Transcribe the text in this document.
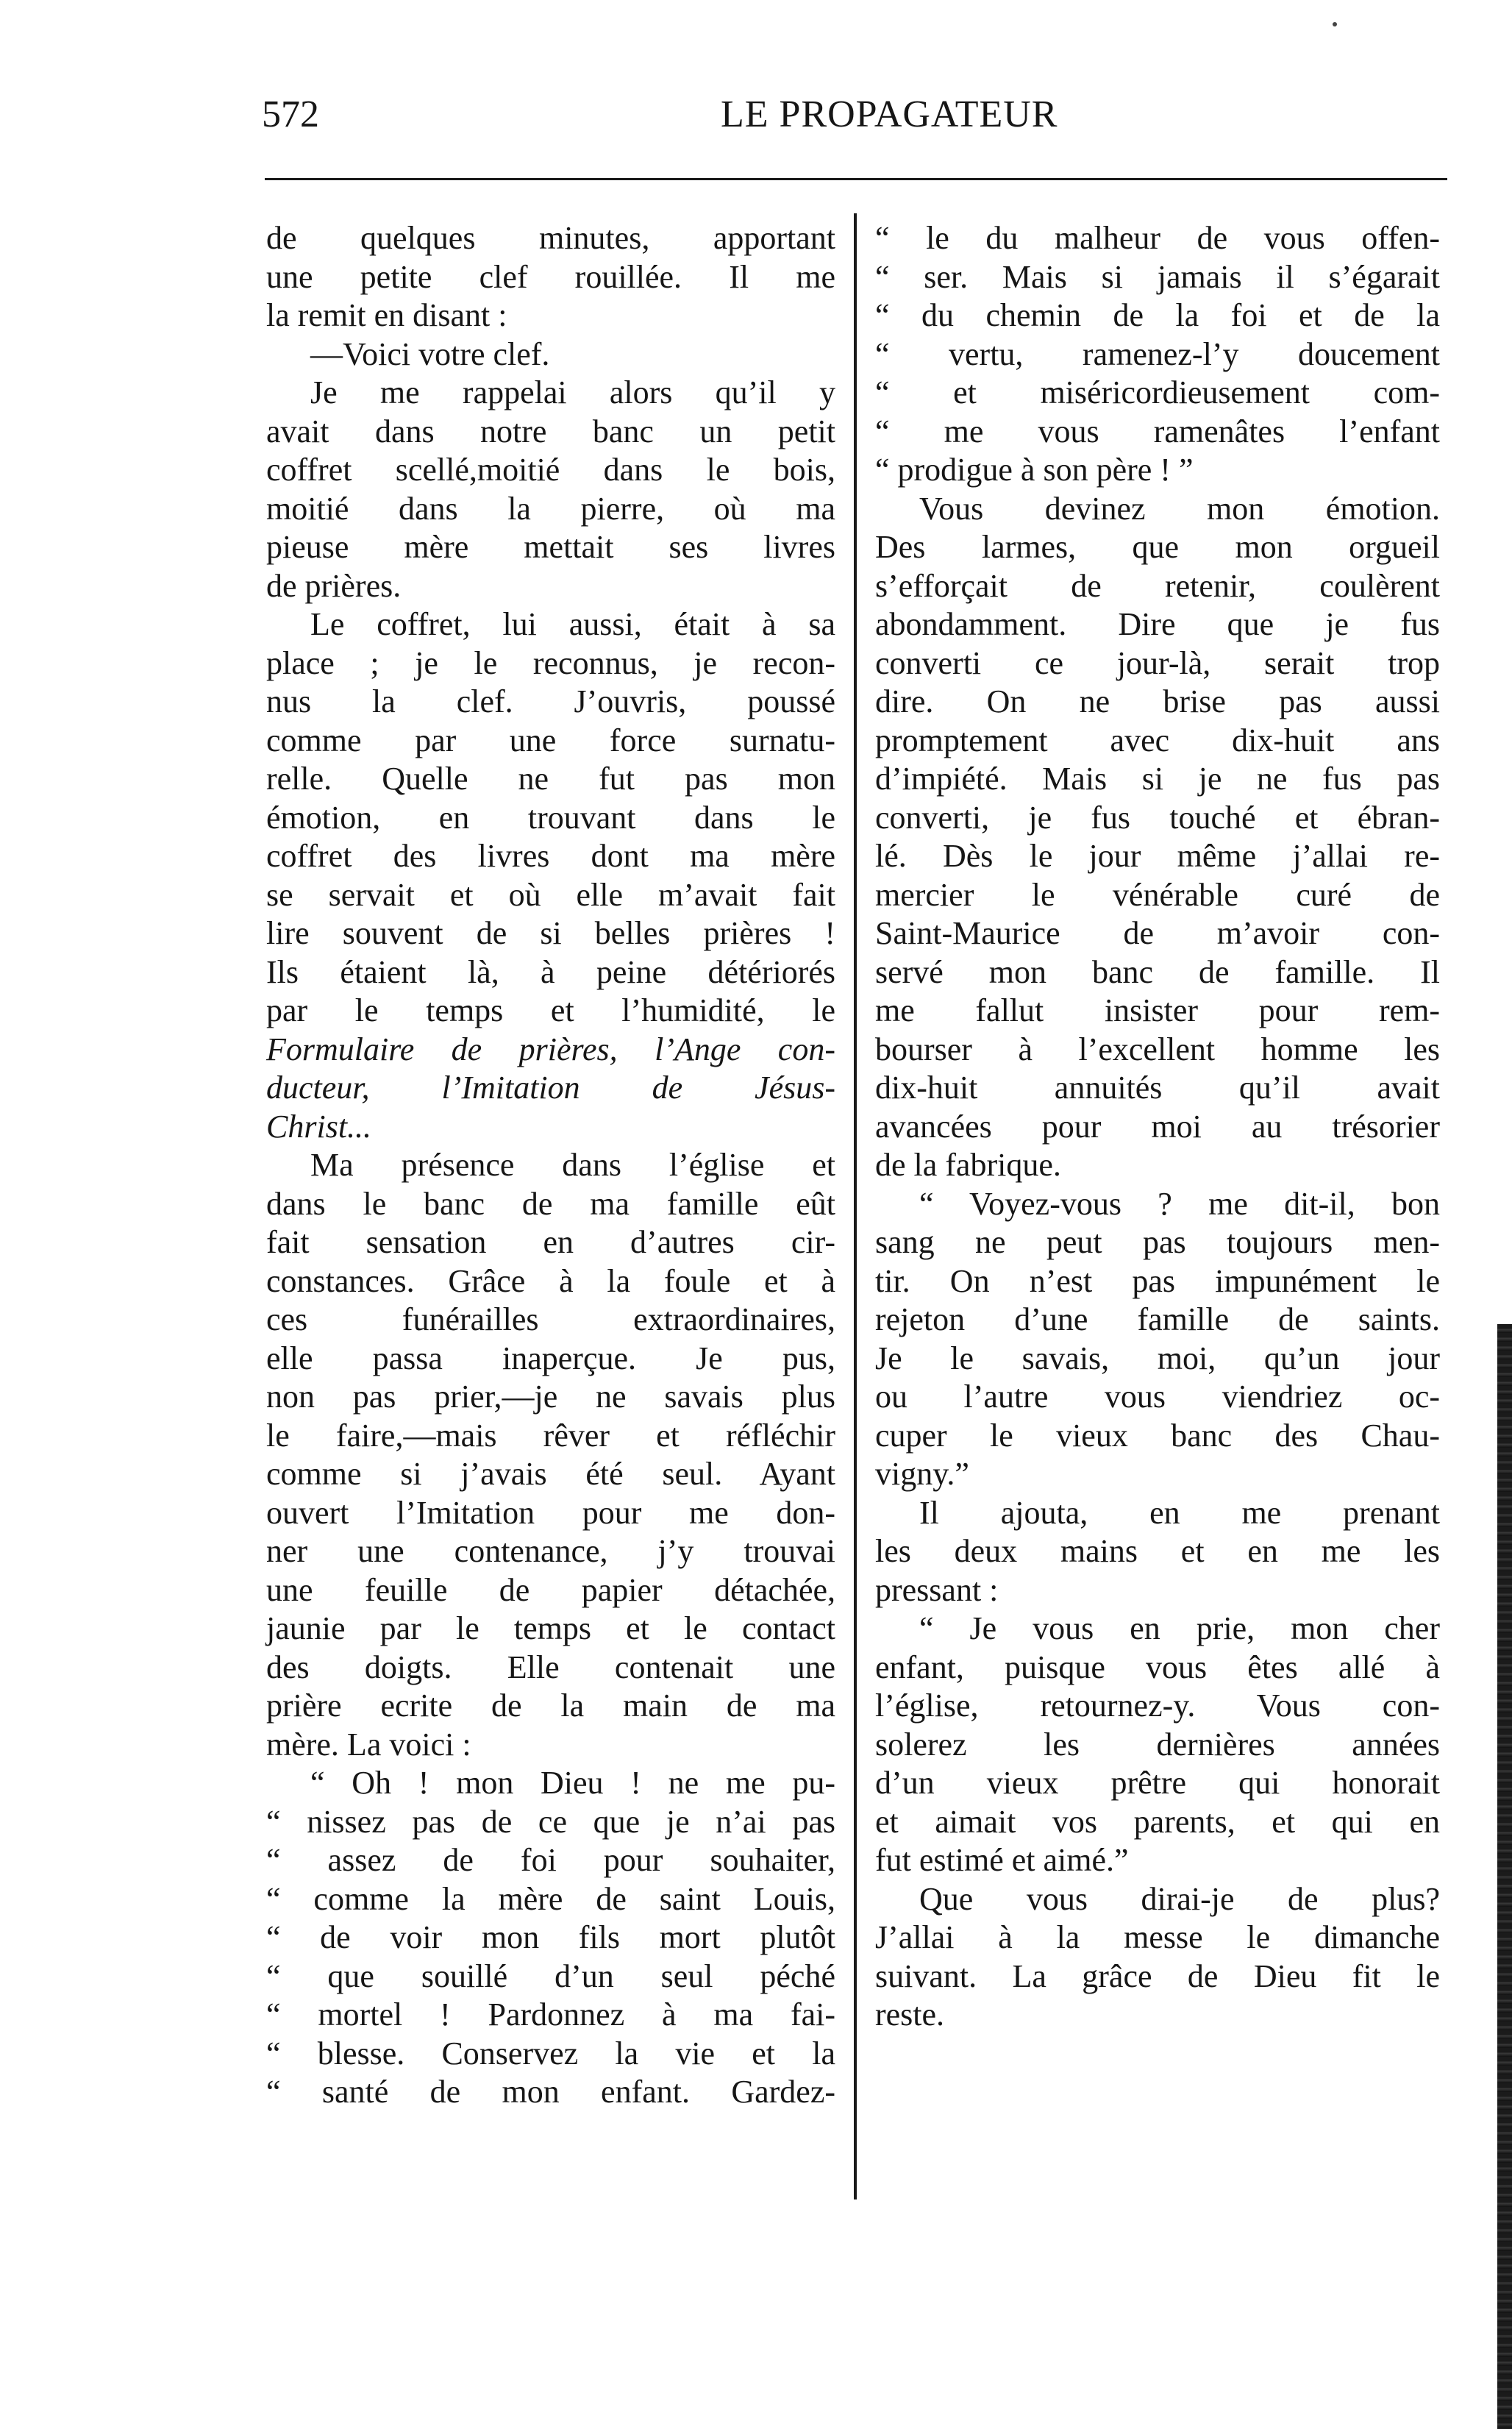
572	LE PROPAGATEUR
de quelques minutes, apportant
une petite clef rouillée. Il me
la remit en disant :
—Voici votre clef.
Je me rappelai alors qu’il y
avait dans notre banc un petit
coffret scellé,moitié dans le bois,
moitié dans la pierre, où ma
pieuse mère mettait ses livres
de prières.
Le coffret, lui aussi, était à sa
place ; je le reconnus, je recon-
nus la clef. J’ouvris, poussé
comme par une force surnatu-
relle. Quelle ne fut pas mon
émotion, en trouvant dans le
coffret des livres dont ma mère
se servait et où elle m’avait fait
lire souvent de si belles prières !
Ils étaient là, à peine détériorés
par le temps et l’humidité, le
Formulaire de prières, l’Ange con-
ducteur, l’Imitation de Jésus-
Christ...
Ma présence dans l’église et
dans le banc de ma famille eût
fait sensation en d’autres cir-
constances. Grâce à la foule et à
ces funérailles extraordinaires,
elle passa inaperçue. Je pus,
non pas prier,—je ne savais plus
le faire,—mais rêver et réfléchir
comme si j’avais été seul. Ayant
ouvert l’Imitation pour me don-
ner une contenance, j’y trouvai
une feuille de papier détachée,
jaunie par le temps et le contact
des doigts. Elle contenait une
prière ecrite de la main de ma
mère. La voici :
“ Oh ! mon Dieu ! ne me pu-
“ nissez pas de ce que je n’ai pas
“ assez de foi pour souhaiter,
“ comme la mère de saint Louis,
“ de voir mon fils mort plutôt
“ que souillé d’un seul péché
“ mortel ! Pardonnez à ma fai-
“ blesse. Conservez la vie et la
“ santé de mon enfant. Gardez-
“ le du malheur de vous offen-
“ ser. Mais si jamais il s’égarait
“ du chemin de la foi et de la
“ vertu, ramenez-l’y doucement
“ et miséricordieusement com-
“ me vous ramenâtes l’enfant
“ prodigue à son père ! ”
Vous devinez mon émotion.
Des larmes, que mon orgueil
s’efforçait de retenir, coulèrent
abondamment. Dire que je fus
converti ce jour-là, serait trop
dire. On ne brise pas aussi
promptement avec dix-huit ans
d’impiété. Mais si je ne fus pas
converti, je fus touché et ébran-
lé. Dès le jour même j’allai re-
mercier le vénérable curé de
Saint-Maurice de m’avoir con-
servé mon banc de famille. Il
me fallut insister pour rem-
bourser à l’excellent homme les
dix-huit annuités qu’il avait
avancées pour moi au trésorier
de la fabrique.
“ Voyez-vous ? me dit-il, bon
sang ne peut pas toujours men-
tir. On n’est pas impunément le
rejeton d’une famille de saints.
Je le savais, moi, qu’un jour
ou l’autre vous viendriez oc-
cuper le vieux banc des Chau-
vigny.”
Il ajouta, en me prenant
les deux mains et en me les
pressant :
“ Je vous en prie, mon cher
enfant, puisque vous êtes allé à
l’église, retournez-y. Vous con-
solerez les dernières années
d’un vieux prêtre qui honorait
et aimait vos parents, et qui en
fut estimé et aimé.”
Que vous dirai-je de plus?
J’allai à la messe le dimanche
suivant. La grâce de Dieu fit le
reste.
